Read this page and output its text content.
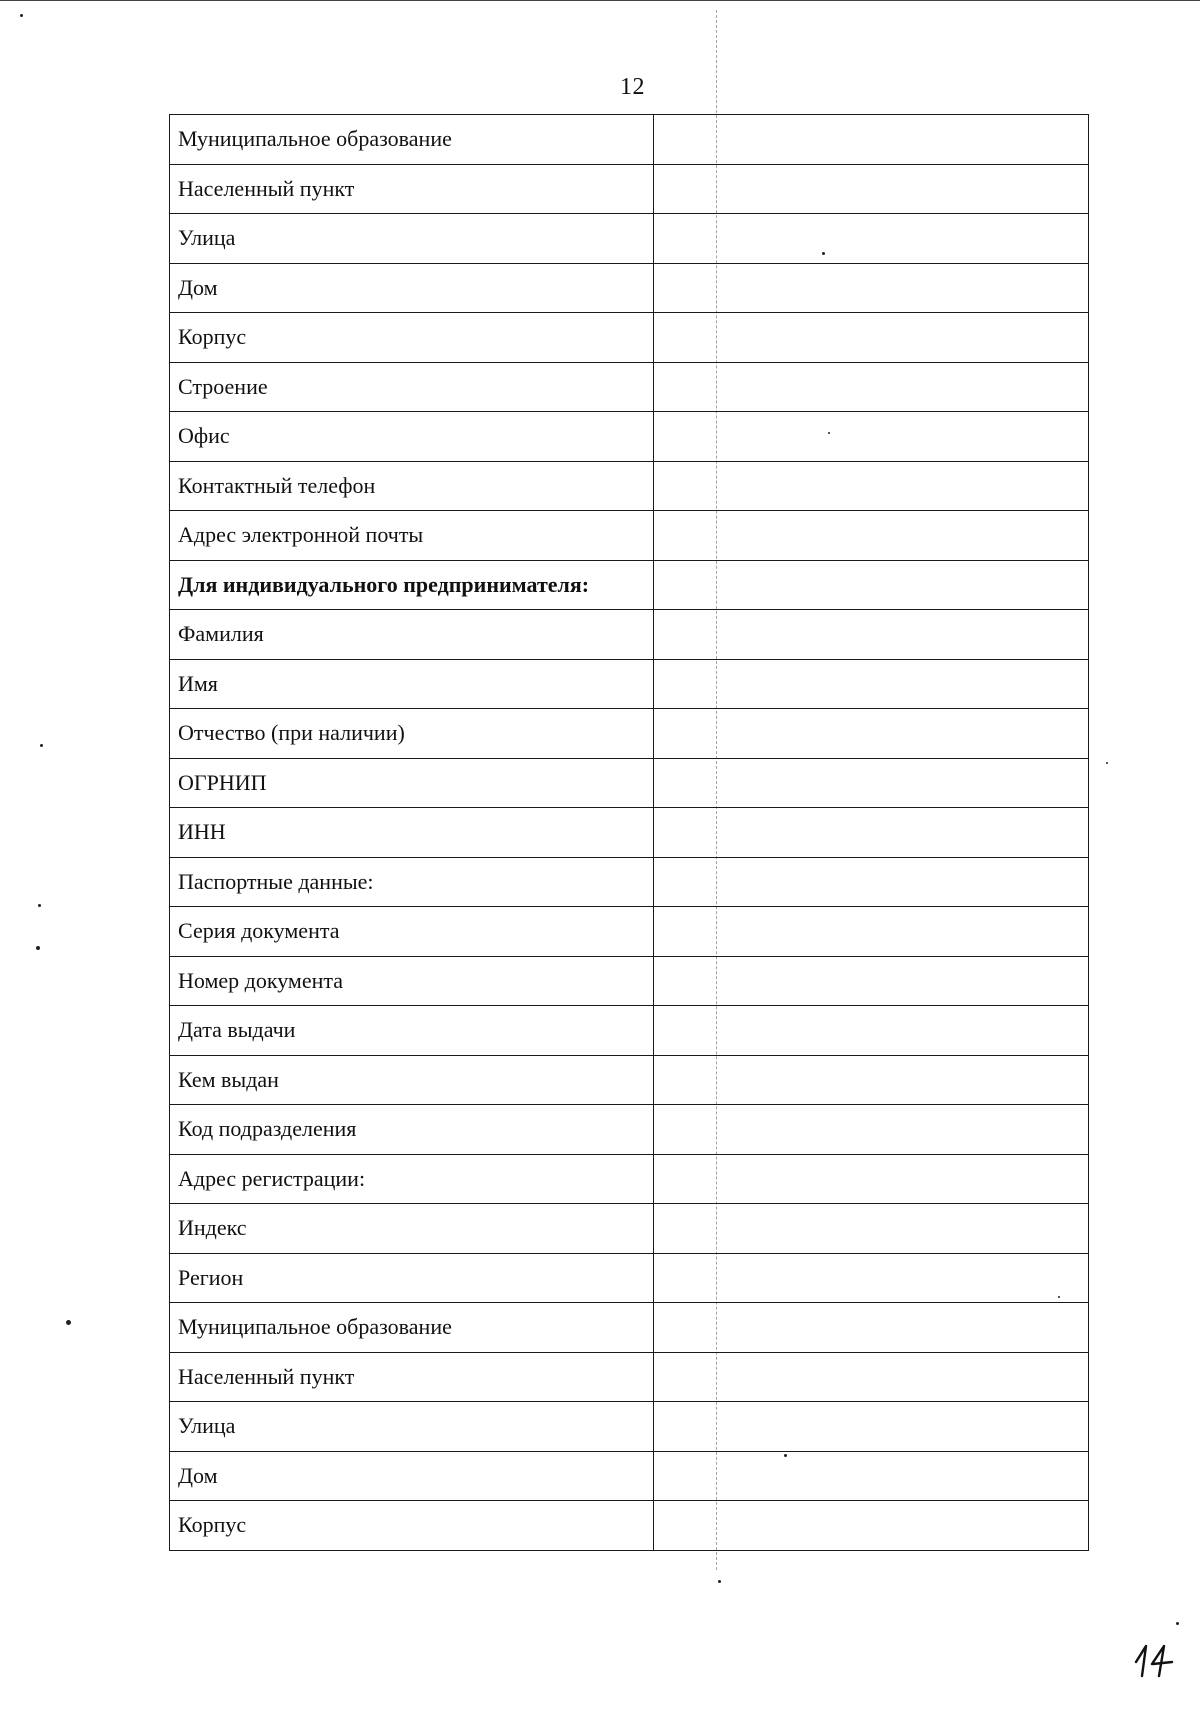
12
Муниципальное образование	
Населенный пункт	
Улица	
Дом	
Корпус	
Строение	
Офис	
Контактный телефон	
Адрес электронной почты	
Для индивидуального предпринимателя:	
Фамилия	
Имя	
Отчество (при наличии)	
ОГРНИП	
ИНН	
Паспортные данные:	
Серия документа	
Номер документа	
Дата выдачи	
Кем выдан	
Код подразделения	
Адрес регистрации:	
Индекс	
Регион	
Муниципальное образование	
Населенный пункт	
Улица	
Дом	
Корпус	
